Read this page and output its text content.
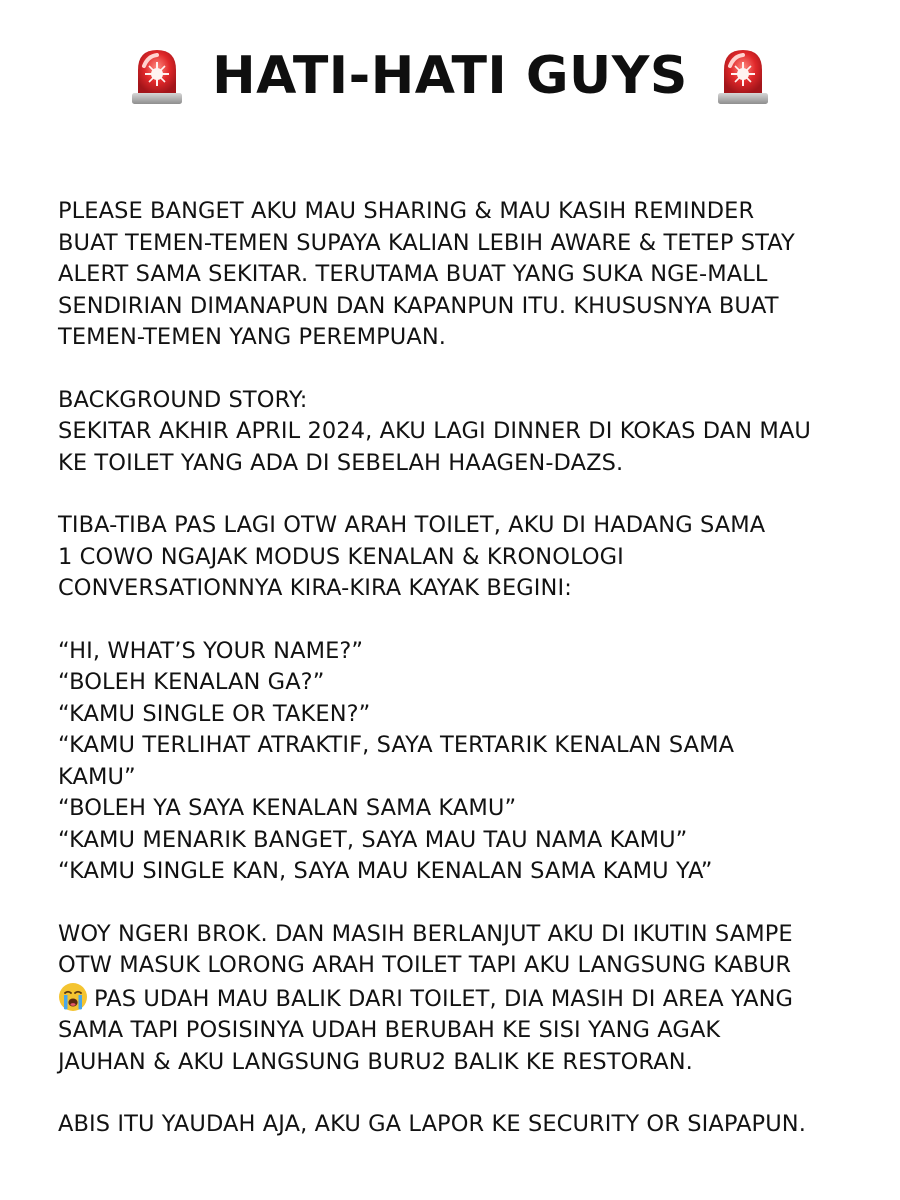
HATI-HATI GUYS

PLEASE BANGET AKU MAU SHARING & MAU KASIH REMINDER
BUAT TEMEN-TEMEN SUPAYA KALIAN LEBIH AWARE & TETEP STAY
ALERT SAMA SEKITAR. TERUTAMA BUAT YANG SUKA NGE-MALL
SENDIRIAN DIMANAPUN DAN KAPANPUN ITU. KHUSUSNYA BUAT
TEMEN-TEMEN YANG PEREMPUAN.

BACKGROUND STORY:
SEKITAR AKHIR APRIL 2024, AKU LAGI DINNER DI KOKAS DAN MAU
KE TOILET YANG ADA DI SEBELAH HAAGEN-DAZS.

TIBA-TIBA PAS LAGI OTW ARAH TOILET, AKU DI HADANG SAMA
1 COWO NGAJAK MODUS KENALAN & KRONOLOGI
CONVERSATIONNYA KIRA-KIRA KAYAK BEGINI:

“HI, WHAT’S YOUR NAME?”
“BOLEH KENALAN GA?”
“KAMU SINGLE OR TAKEN?”
“KAMU TERLIHAT ATRAKTIF, SAYA TERTARIK KENALAN SAMA
KAMU”
“BOLEH YA SAYA KENALAN SAMA KAMU”
“KAMU MENARIK BANGET, SAYA MAU TAU NAMA KAMU”
“KAMU SINGLE KAN, SAYA MAU KENALAN SAMA KAMU YA”

WOY NGERI BROK. DAN MASIH BERLANJUT AKU DI IKUTIN SAMPE
OTW MASUK LORONG ARAH TOILET TAPI AKU LANGSUNG KABUR
PAS UDAH MAU BALIK DARI TOILET, DIA MASIH DI AREA YANG
SAMA TAPI POSISINYA UDAH BERUBAH KE SISI YANG AGAK
JAUHAN & AKU LANGSUNG BURU2 BALIK KE RESTORAN.

ABIS ITU YAUDAH AJA, AKU GA LAPOR KE SECURITY OR SIAPAPUN.
